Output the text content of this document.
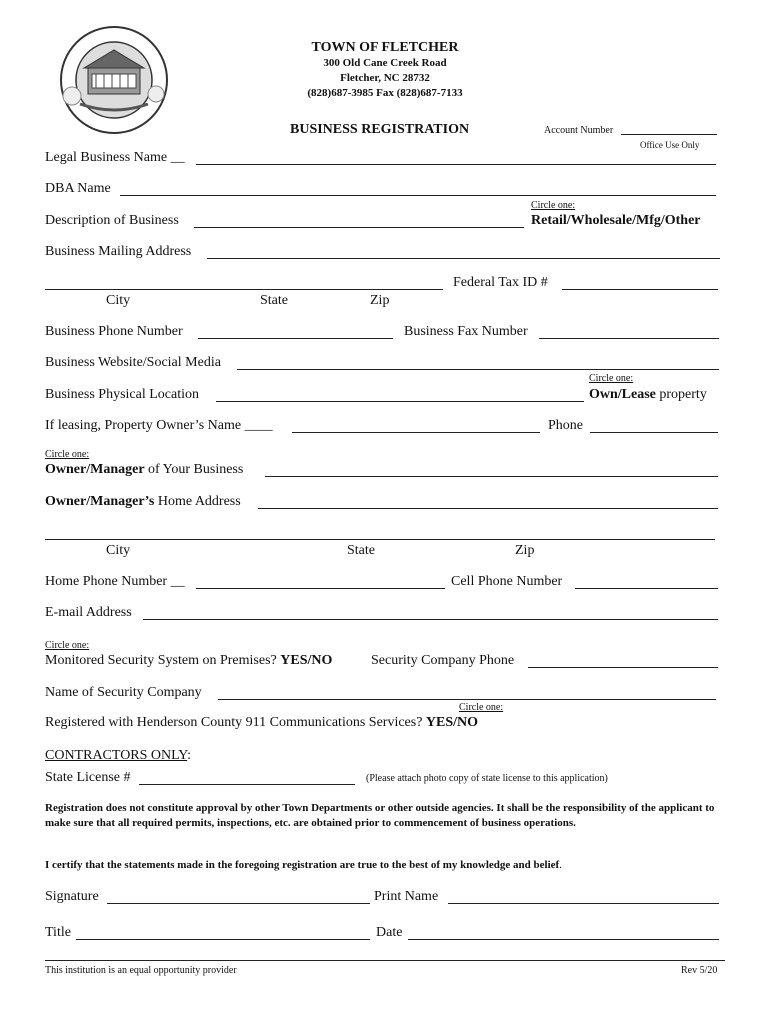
TOWN OF FLETCHER
300 Old Cane Creek Road
Fletcher, NC 28732
(828)687-3985 Fax (828)687-7133
BUSINESS REGISTRATION	Account Number
Office Use Only
Legal Business Name __
DBA Name
Circle one:
Description of Business	Retail/Wholesale/Mfg/Other
Business Mailing Address
Federal Tax ID #
City	State	Zip
Business Phone Number	Business Fax Number
Business Website/Social Media
Circle one:
Business Physical Location	Own/Lease property
If leasing, Property Owner’s Name ____	Phone
Circle one:
Owner/Manager of Your Business
Owner/Manager’s Home Address
City	State	Zip
Home Phone Number __	Cell Phone Number
E-mail Address
Circle one:
Monitored Security System on Premises? YES/NO	Security Company Phone
Name of Security Company
Circle one:
Registered with Henderson County 911 Communications Services? YES/NO
CONTRACTORS ONLY:
State License #	(Please attach photo copy of state license to this application)
Registration does not constitute approval by other Town Departments or other outside agencies. It shall be the responsibility of the applicant to make sure that all required permits, inspections, etc. are obtained prior to commencement of business operations.
I certify that the statements made in the foregoing registration are true to the best of my knowledge and belief.
Signature	Print Name
Title	Date
This institution is an equal opportunity provider	Rev 5/20
